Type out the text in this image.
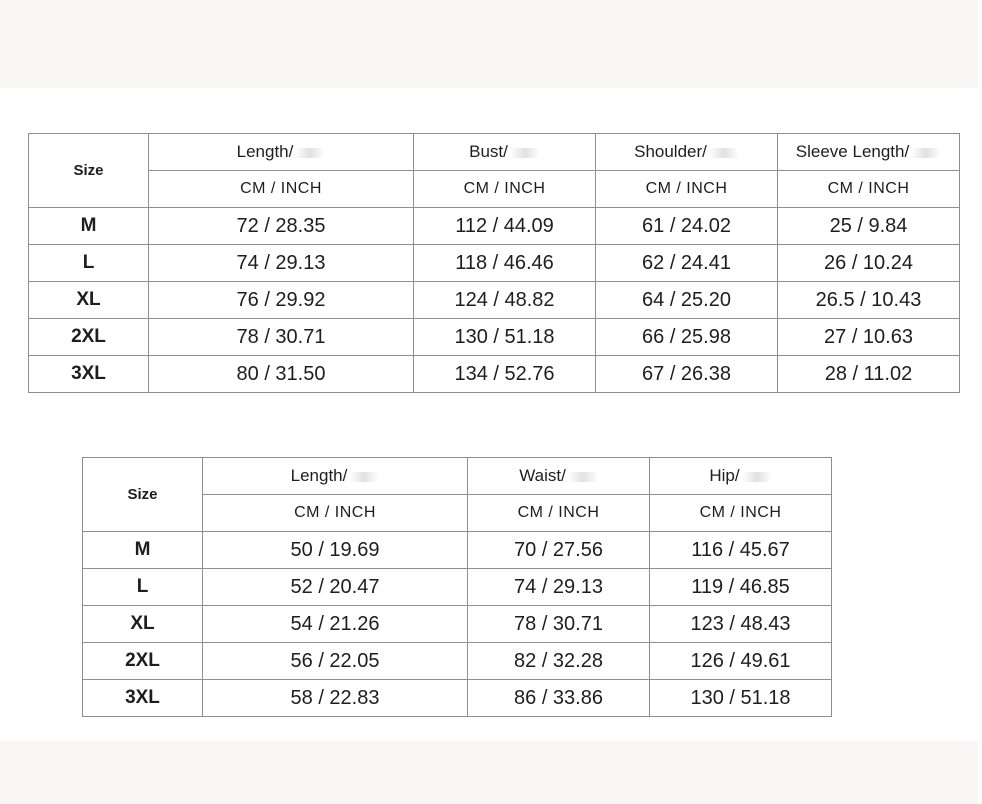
Size	Length/	Bust/	Shoulder/	Sleeve Length/
	CM / INCH	CM / INCH	CM / INCH	CM / INCH
M	72 / 28.35	112 / 44.09	61 / 24.02	25 / 9.84
L	74 / 29.13	118 / 46.46	62 / 24.41	26 / 10.24
XL	76 / 29.92	124 / 48.82	64 / 25.20	26.5 / 10.43
2XL	78 / 30.71	130 / 51.18	66 / 25.98	27 / 10.63
3XL	80 / 31.50	134 / 52.76	67 / 26.38	28 / 11.02
Size	Length/	Waist/	Hip/
	CM / INCH	CM / INCH	CM / INCH
M	50 / 19.69	70 / 27.56	116 / 45.67
L	52 / 20.47	74 / 29.13	119 / 46.85
XL	54 / 21.26	78 / 30.71	123 / 48.43
2XL	56 / 22.05	82 / 32.28	126 / 49.61
3XL	58 / 22.83	86 / 33.86	130 / 51.18
